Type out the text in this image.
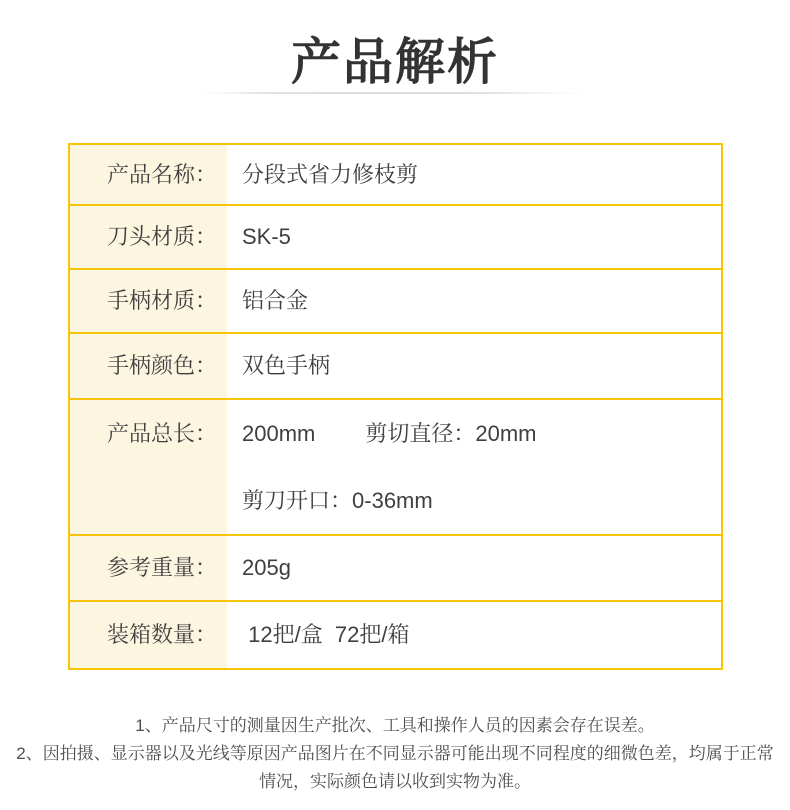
产品解析
产品名称： 分段式省力修枝剪
刀头材质： SK-5
手柄材质： 铝合金
手柄颜色： 双色手柄
产品总长： 200mm 剪切直径： 20mm
剪刀开口： 0-36mm
参考重量： 205g
装箱数量： 12把/盒  72把/箱
1、产品尺寸的测量因生产批次、工具和操作人员的因素会存在误差。
2、因拍摄、显示器以及光线等原因产品图片在不同显示器可能出现不同程度的细微色差，均属于正常
情况，实际颜色请以收到实物为准。
